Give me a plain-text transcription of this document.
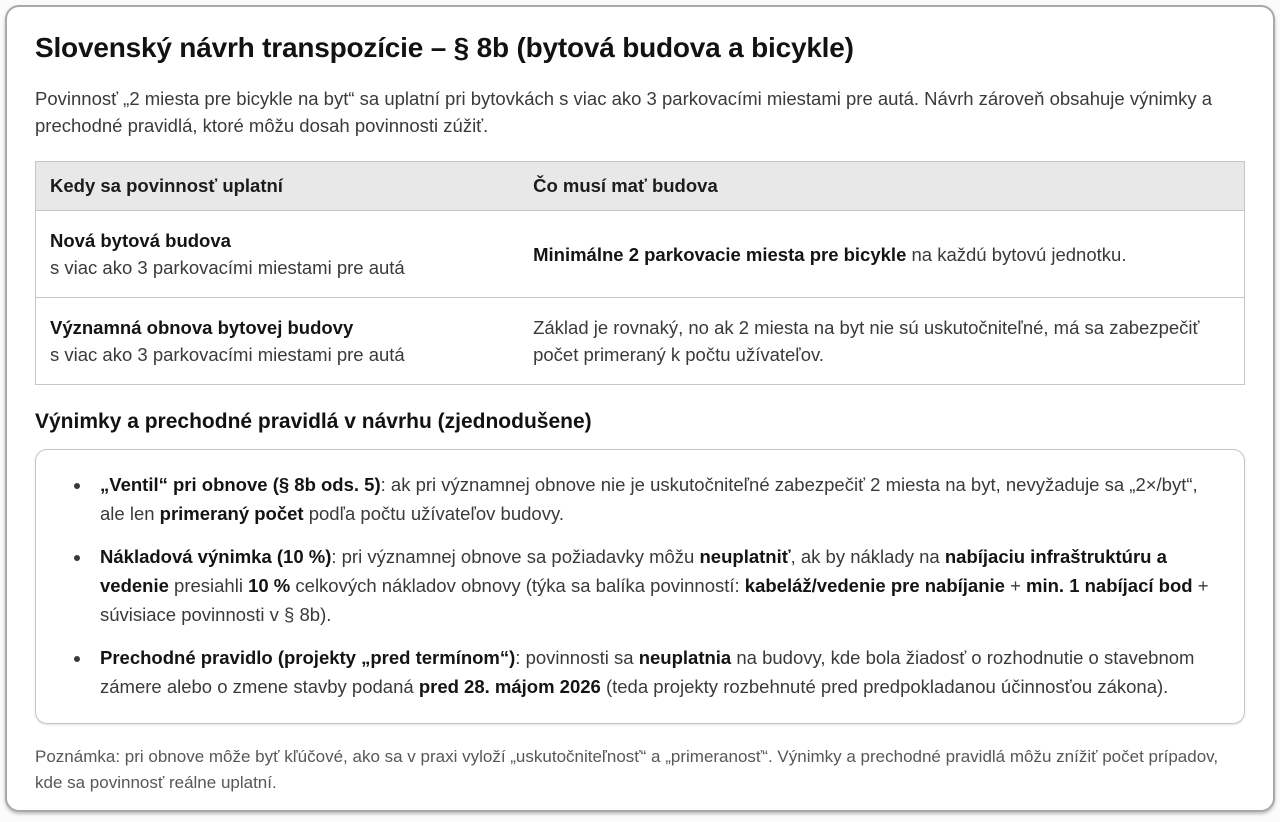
Slovenský návrh transpozície – § 8b (bytová budova a bicykle)

Povinnosť „2 miesta pre bicykle na byt“ sa uplatní pri bytovkách s viac ako 3 parkovacími miestami pre autá. Návrh zároveň obsahuje výnimky a prechodné pravidlá, ktoré môžu dosah povinnosti zúžiť.

Kedy sa povinnosť uplatní	Čo musí mať budova

Nová bytová budova
s viac ako 3 parkovacími miestami pre autá	Minimálne 2 parkovacie miesta pre bicykle na každú bytovú jednotku.

Významná obnova bytovej budovy
s viac ako 3 parkovacími miestami pre autá	Základ je rovnaký, no ak 2 miesta na byt nie sú uskutočniteľné, má sa zabezpečiť počet primeraný k počtu užívateľov.
Výnimky a prechodné pravidlá v návrhu (zjednodušene)
• „Ventil“ pri obnove (§ 8b ods. 5): ak pri významnej obnove nie je uskutočniteľné zabezpečiť 2 miesta na byt, nevyžaduje sa „2×/byt“, ale len primeraný počet podľa počtu užívateľov budovy.
• Nákladová výnimka (10 %): pri významnej obnove sa požiadavky môžu neuplatniť, ak by náklady na nabíjaciu infraštruktúru a vedenie presiahli 10 % celkových nákladov obnovy (týka sa balíka povinností: kabeláž/vedenie pre nabíjanie + min. 1 nabíjací bod + súvisiace povinnosti v § 8b).
• Prechodné pravidlo (projekty „pred termínom“): povinnosti sa neuplatnia na budovy, kde bola žiadosť o rozhodnutie o stavebnom zámere alebo o zmene stavby podaná pred 28. májom 2026 (teda projekty rozbehnuté pred predpokladanou účinnosťou zákona).

Poznámka: pri obnove môže byť kľúčové, ako sa v praxi vyloží „uskutočniteľnosť“ a „primeranosť“. Výnimky a prechodné pravidlá môžu znížiť počet prípadov, kde sa povinnosť reálne uplatní.
